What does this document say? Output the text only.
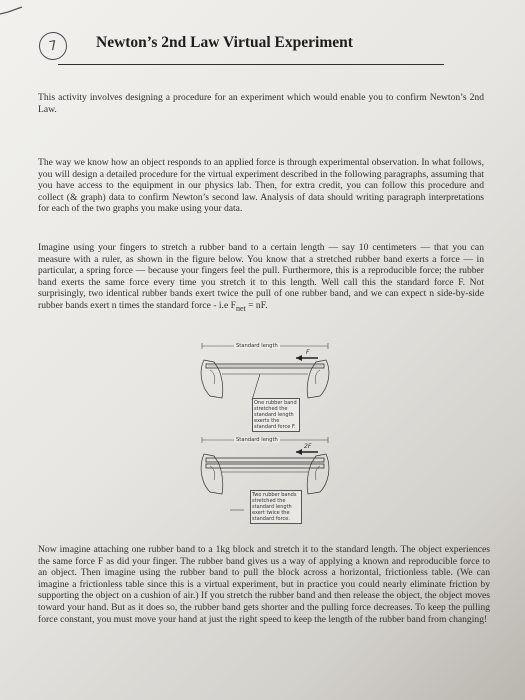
7 Newton’s 2nd Law Virtual Experiment

This activity involves designing a procedure for an experiment which would enable you to confirm Newton’s 2nd Law.

The way we know how an object responds to an applied force is through experimental observation. In what follows, you will design a detailed procedure for the virtual experiment described in the following paragraphs, assuming that you have access to the equipment in our physics lab. Then, for extra credit, you can follow this procedure and collect (& graph) data to confirm Newton’s second law. Analysis of data should writing paragraph interpretations for each of the two graphs you make using your data.

Imagine using your fingers to stretch a rubber band to a certain length — say 10 centimeters — that you can measure with a ruler, as shown in the figure below. You know that a stretched rubber band exerts a force — in particular, a spring force — because your fingers feel the pull. Furthermore, this is a reproducible force; the rubber band exerts the same force every time you stretch it to this length. Well call this the standard force F. Not surprisingly, two identical rubber bands exert twice the pull of one rubber band, and we can expect n side-by-side rubber bands exert n times the standard force - i.e $F_{net}$ = nF.

Standard length
F
One rubber band stretched the standard length exerts the standard force F.
Standard length
2F
Two rubber bands stretched the standard length exert twice the standard force.

Now imagine attaching one rubber band to a 1kg block and stretch it to the standard length. The object experiences the same force F as did your finger. The rubber band gives us a way of applying a known and reproducible force to an object. Then imagine using the rubber band to pull the block across a horizontal, frictionless table. (We can imagine a frictionless table since this is a virtual experiment, but in practice you could nearly eliminate friction by supporting the object on a cushion of air.) If you stretch the rubber band and then release the object, the object moves toward your hand. But as it does so, the rubber band gets shorter and the pulling force decreases. To keep the pulling force constant, you must move your hand at just the right speed to keep the length of the rubber band from changing!
